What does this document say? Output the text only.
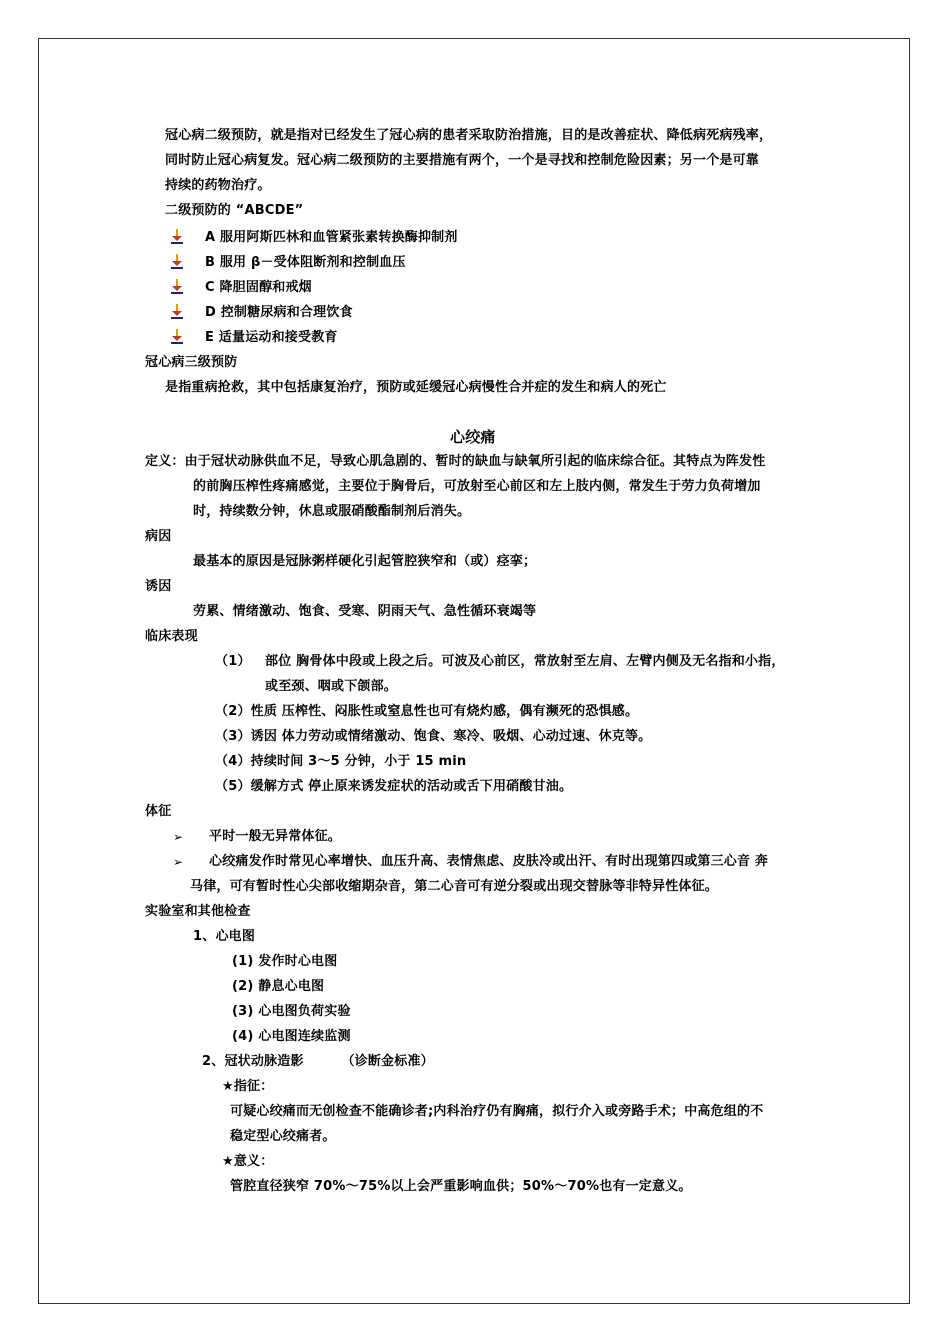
冠心病二级预防，就是指对已经发生了冠心病的患者采取防治措施，目的是改善症状、降低病死病残率，
同时防止冠心病复发。冠心病二级预防的主要措施有两个，一个是寻找和控制危险因素；另一个是可靠
持续的药物治疗。
二级预防的 “ABCDE”
A 服用阿斯匹林和血管紧张素转换酶抑制剂
B 服用 β－受体阻断剂和控制血压
C 降胆固醇和戒烟
D 控制糖尿病和合理饮食
E 适量运动和接受教育
冠心病三级预防
是指重病抢救，其中包括康复治疗，预防或延缓冠心病慢性合并症的发生和病人的死亡
心绞痛
定义：由于冠状动脉供血不足，导致心肌急剧的、暂时的缺血与缺氧所引起的临床综合征。其特点为阵发性
的前胸压榨性疼痛感觉，主要位于胸骨后，可放射至心前区和左上肢内侧，常发生于劳力负荷增加
时，持续数分钟，休息或服硝酸酯制剂后消失。
病因
最基本的原因是冠脉粥样硬化引起管腔狭窄和（或）痉挛；
诱因
劳累、情绪激动、饱食、受寒、阴雨天气、急性循环衰竭等
临床表现
（1） 部位 胸骨体中段或上段之后。可波及心前区，常放射至左肩、左臂内侧及无名指和小指，
或至颈、咽或下颌部。
（2）性质 压榨性、闷胀性或窒息性也可有烧灼感，偶有濒死的恐惧感。
（3）诱因 体力劳动或情绪激动、饱食、寒冷、吸烟、心动过速、休克等。
（4）持续时间 3～5 分钟，小于 15 min
（5）缓解方式 停止原来诱发症状的活动或舌下用硝酸甘油。
体征
➢ 平时一般无异常体征。
➢ 心绞痛发作时常见心率增快、血压升高、表情焦虑、皮肤冷或出汗、有时出现第四或第三心音 奔
马律，可有暂时性心尖部收缩期杂音，第二心音可有逆分裂或出现交替脉等非特异性体征。
实验室和其他检查
1、心电图
(1) 发作时心电图
(2) 静息心电图
(3) 心电图负荷实验
(4) 心电图连续监测
2、冠状动脉造影        （诊断金标准）
★指征：
可疑心绞痛而无创检查不能确诊者;内科治疗仍有胸痛，拟行介入或旁路手术；中高危组的不
稳定型心绞痛者。
★意义：
管腔直径狭窄 70%～75%以上会严重影响血供；50%～70%也有一定意义。
